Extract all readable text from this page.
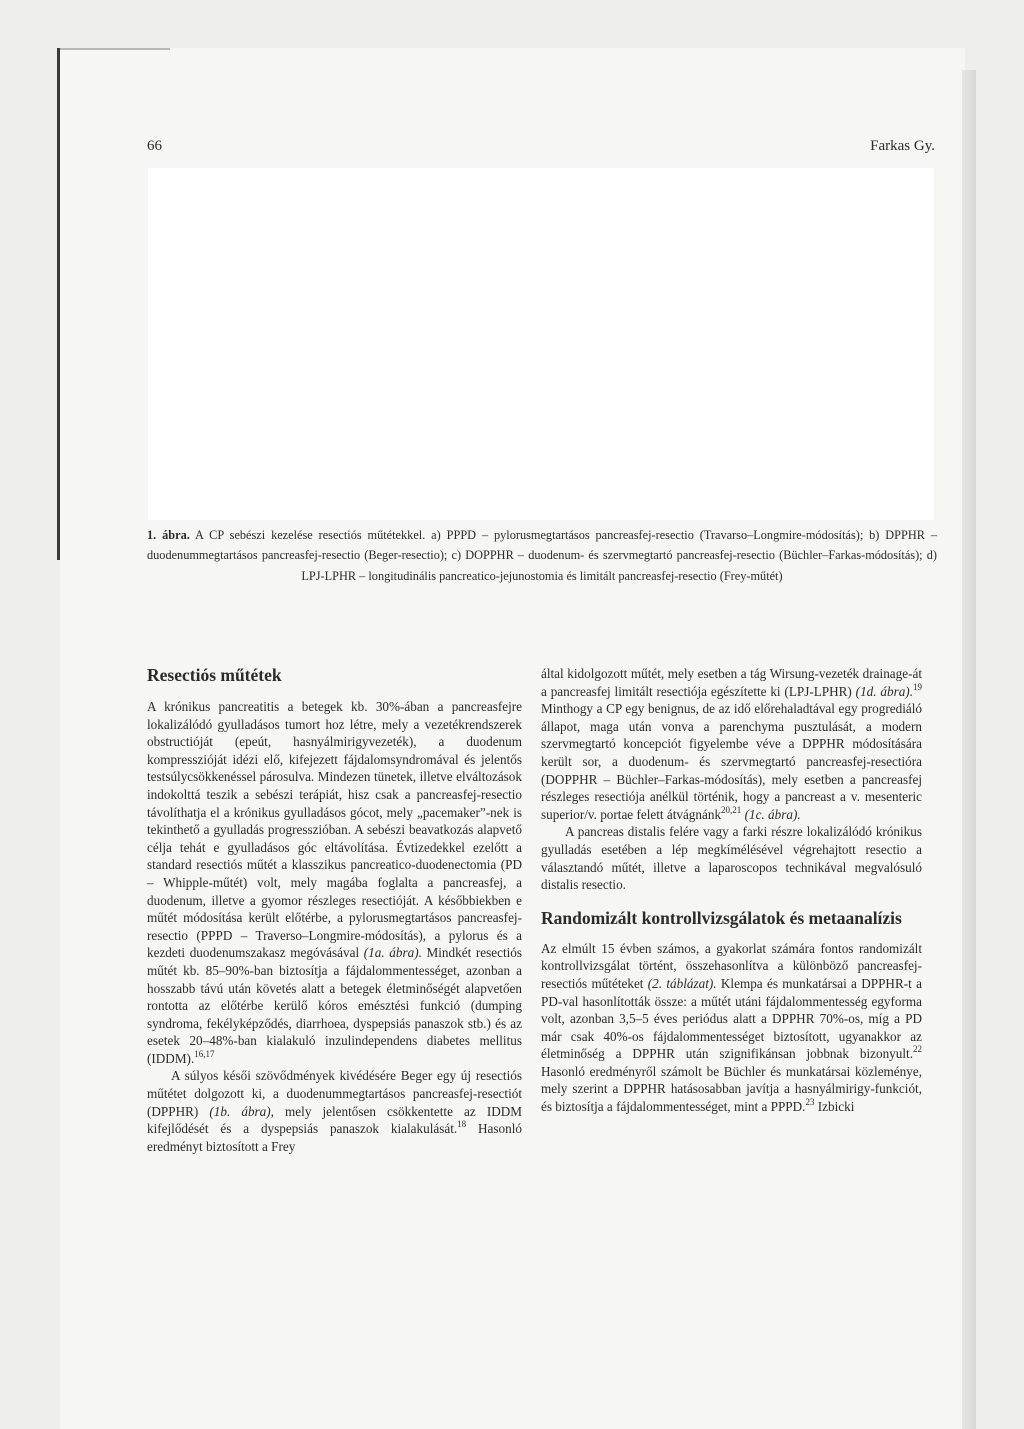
66	Farkas Gy.
1. ábra. A CP sebészi kezelése resectiós műtétekkel. a) PPPD – pylorusmegtartásos pancreasfej-resectio (Travarso–Longmire-módosítás); b) DPPHR – duodenummegtartásos pancreasfej-resectio (Beger-resectio); c) DOPPHR – duodenum- és szervmegtartó pancreasfej-resectio (Büchler–Farkas-módosítás); d) LPJ-LPHR – longitudinális pancreatico-jejunostomia és limitált pancreasfej-resectio (Frey-műtét)
Resectiós műtétek

A krónikus pancreatitis a betegek kb. 30%-ában a pancreasfejre lokalizálódó gyulladásos tumort hoz létre, mely a vezetékrendszerek obstructióját (epeút, hasnyálmirigyvezeték), a duodenum kompresszióját idézi elő, kifejezett fájdalomsyndromával és jelentős testsúlycsökkenéssel párosulva. Mindezen tünetek, illetve elváltozások indokolttá teszik a sebészi terápiát, hisz csak a pancreasfej-resectio távolíthatja el a krónikus gyulladásos gócot, mely „pacemaker”-nek is tekinthető a gyulladás progresszióban. A sebészi beavatkozás alapvető célja tehát e gyulladásos góc eltávolítása. Évtizedekkel ezelőtt a standard resectiós műtét a klasszikus pancreatico-duodenectomia (PD – Whipple-műtét) volt, mely magába foglalta a pancreasfej, a duodenum, illetve a gyomor részleges resectióját. A későbbiekben e műtét módosítása került előtérbe, a pylorusmegtartásos pancreasfej-resectio (PPPD – Traverso–Longmire-módosítás), a pylorus és a kezdeti duodenumszakasz megóvásával (1a. ábra). Mindkét resectiós műtét kb. 85–90%-ban biztosítja a fájdalommentességet, azonban a hosszabb távú után követés alatt a betegek életminőségét alapvetően rontotta az előtérbe kerülő kóros emésztési funkció (dumping syndroma, fekélyképződés, diarrhoea, dyspepsiás panaszok stb.) és az esetek 20–48%-ban kialakuló inzulindependens diabetes mellitus (IDDM).$^{16,17}$

A súlyos késői szövődmények kivédésére Beger egy új resectiós műtétet dolgozott ki, a duodenummegtartásos pancreasfej-resectiót (DPPHR) (1b. ábra), mely jelentősen csökkentette az IDDM kifejlődését és a dyspepsiás panaszok kialakulását.$^{18}$ Hasonló eredményt biztosított a Frey

által kidolgozott műtét, mely esetben a tág Wirsung-vezeték drainage-át a pancreasfej limitált resectiója egészítette ki (LPJ-LPHR) (1d. ábra).$^{19}$ Minthogy a CP egy benignus, de az idő előrehaladtával egy progrediáló állapot, maga után vonva a parenchyma pusztulását, a modern szervmegtartó koncepciót figyelembe véve a DPPHR módosítására került sor, a duodenum- és szervmegtartó pancreasfej-resectióra (DOPPHR – Büchler–Farkas-módosítás), mely esetben a pancreasfej részleges resectiója anélkül történik, hogy a pancreast a v. mesenteric superior/v. portae felett átvágnánk$^{20,21}$ (1c. ábra).

A pancreas distalis felére vagy a farki részre lokalizálódó krónikus gyulladás esetében a lép megkímélésével végrehajtott resectio a választandó műtét, illetve a laparoscopos technikával megvalósuló distalis resectio.

Randomizált kontrollvizsgálatok és metaanalízis

Az elmúlt 15 évben számos, a gyakorlat számára fontos randomizált kontrollvizsgálat történt, összehasonlítva a különböző pancreasfej-resectiós műtéteket (2. táblázat). Klempa és munkatársai a DPPHR-t a PD-val hasonlították össze: a műtét utáni fájdalommentesség egyforma volt, azonban 3,5–5 éves periódus alatt a DPPHR 70%-os, míg a PD már csak 40%-os fájdalommentességet biztosított, ugyanakkor az életminőség a DPPHR után szignifikánsan jobbnak bizonyult.$^{22}$ Hasonló eredményről számolt be Büchler és munkatársai közleménye, mely szerint a DPPHR hatásosabban javítja a hasnyálmirigy-funkciót, és biztosítja a fájdalommentességet, mint a PPPD.$^{23}$ Izbicki
